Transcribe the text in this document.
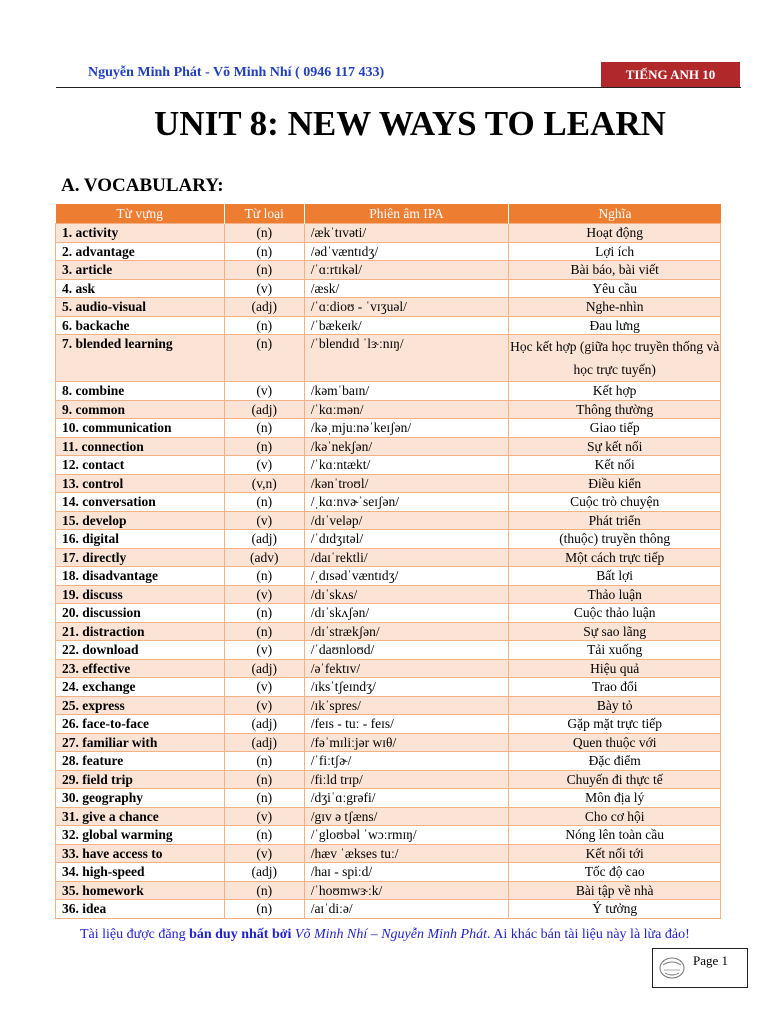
Nguyễn Minh Phát - Võ Minh Nhí ( 0946 117 433)	TIẾNG ANH 10
UNIT 8: NEW WAYS TO LEARN
A. VOCABULARY:
Từ vựng	Từ loại	Phiên âm IPA	Nghĩa
1. activity	(n)	/ækˈtɪvəti/	Hoạt động
2. advantage	(n)	/ədˈvæntɪdʒ/	Lợi ích
3. article	(n)	/ˈɑːrtɪkəl/	Bài báo, bài viết
4. ask	(v)	/æsk/	Yêu cầu
5. audio-visual	(adj)	/ˈɑːdioʊ - ˈvɪʒuəl/	Nghe-nhìn
6. backache	(n)	/ˈbækeɪk/	Đau lưng
7. blended learning	(n)	/ˈblendɪd ˈlɝːnɪŋ/	Học kết hợp (giữa học truyền thống và học trực tuyến)
8. combine	(v)	/kəmˈbaɪn/	Kết hợp
9. common	(adj)	/ˈkɑːmən/	Thông thường
10. communication	(n)	/kəˌmjuːnəˈkeɪʃən/	Giao tiếp
11. connection	(n)	/kəˈnekʃən/	Sự kết nối
12. contact	(v)	/ˈkɑːntækt/	Kết nối
13. control	(v,n)	/kənˈtroʊl/	Điều kiển
14. conversation	(n)	/ˌkɑːnvɚˈseɪʃən/	Cuộc trò chuyện
15. develop	(v)	/dɪˈveləp/	Phát triển
16. digital	(adj)	/ˈdɪdʒɪtəl/	(thuộc) truyền thông
17. directly	(adv)	/daɪˈrektli/	Một cách trực tiếp
18. disadvantage	(n)	/ˌdɪsədˈvæntɪdʒ/	Bất lợi
19. discuss	(v)	/dɪˈskʌs/	Thảo luận
20. discussion	(n)	/dɪˈskʌʃən/	Cuộc thảo luận
21. distraction	(n)	/dɪˈstrækʃən/	Sự sao lãng
22. download	(v)	/ˈdaʊnloʊd/	Tải xuống
23. effective	(adj)	/əˈfektɪv/	Hiệu quả
24. exchange	(v)	/ɪksˈtʃeɪndʒ/	Trao đổi
25. express	(v)	/ɪkˈspres/	Bày tỏ
26. face-to-face	(adj)	/feɪs - tuː - feɪs/	Gặp mặt trực tiếp
27. familiar with	(adj)	/fəˈmɪliːjər wɪθ/	Quen thuộc với
28. feature	(n)	/ˈfiːtʃɚ/	Đặc điểm
29. field trip	(n)	/fiːld trɪp/	Chuyến đi thực tế
30. geography	(n)	/dʒiˈɑːgrəfi/	Môn địa lý
31. give a chance	(v)	/gɪv ə tʃæns/	Cho cơ hội
32. global warming	(n)	/ˈgloʊbəl ˈwɔːrmɪŋ/	Nóng lên toàn cầu
33. have access to	(v)	/hæv ˈækses tuː/	Kết nối tới
34. high-speed	(adj)	/haɪ - spiːd/	Tốc độ cao
35. homework	(n)	/ˈhoʊmwɝːk/	Bài tập về nhà
36. idea	(n)	/aɪˈdiːə/	Ý tưởng
Tài liệu được đăng bán duy nhất bởi Võ Minh Nhí – Nguyễn Minh Phát. Ai khác bán tài liệu này là lừa đảo!
Page 1
